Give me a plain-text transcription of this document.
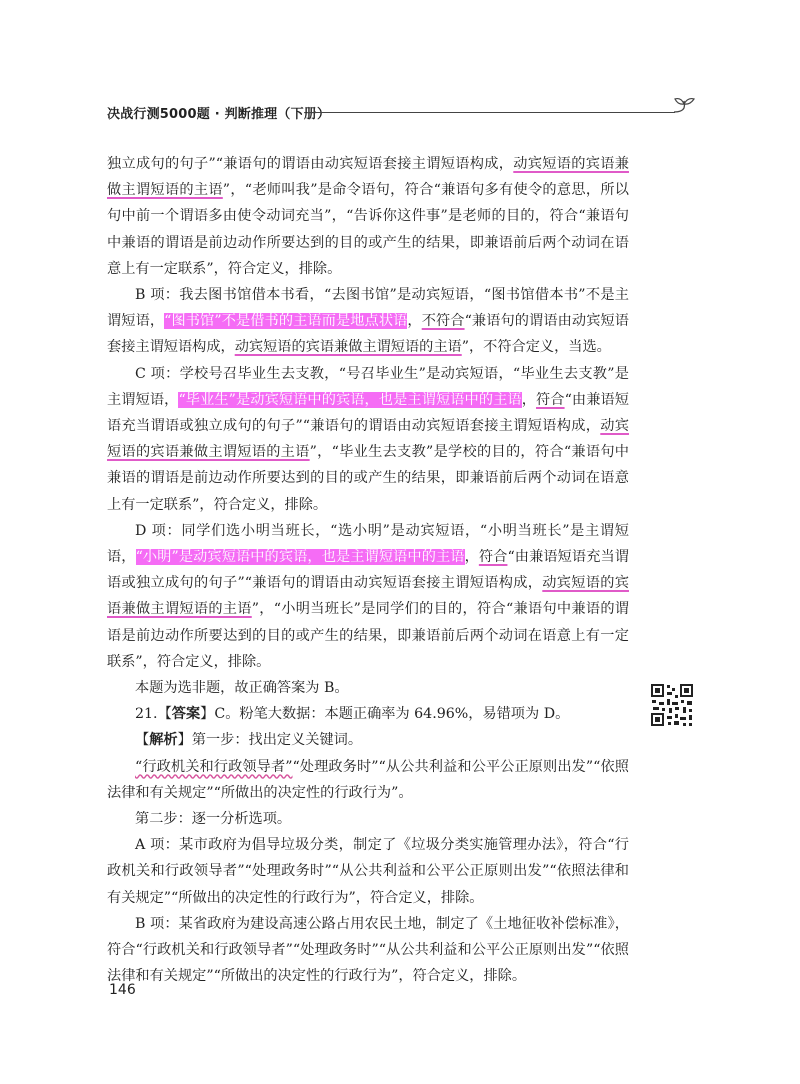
决战行测5000题 · 判断推理（下册）

独立成句的句子”“兼语句的谓语由动宾短语套接主谓短语构成，动宾短语的宾语兼做主谓短语的主语”，“老师叫我”是命令语句，符合“兼语句多有使令的意思，所以句中前一个谓语多由使令动词充当”，“告诉你这件事”是老师的目的，符合“兼语句中兼语的谓语是前边动作所要达到的目的或产生的结果，即兼语前后两个动词在语意上有一定联系”，符合定义，排除。

B 项：我去图书馆借本书看，“去图书馆”是动宾短语，“图书馆借本书”不是主谓短语，“图书馆”不是借书的主语而是地点状语，不符合“兼语句的谓语由动宾短语套接主谓短语构成，动宾短语的宾语兼做主谓短语的主语”，不符合定义，当选。

C 项：学校号召毕业生去支教，“号召毕业生”是动宾短语，“毕业生去支教”是主谓短语，“毕业生”是动宾短语中的宾语，也是主谓短语中的主语，符合“由兼语短语充当谓语或独立成句的句子”“兼语句的谓语由动宾短语套接主谓短语构成，动宾短语的宾语兼做主谓短语的主语”，“毕业生去支教”是学校的目的，符合“兼语句中兼语的谓语是前边动作所要达到的目的或产生的结果，即兼语前后两个动词在语意上有一定联系”，符合定义，排除。

D 项：同学们选小明当班长，“选小明”是动宾短语，“小明当班长”是主谓短语，“小明”是动宾短语中的宾语，也是主谓短语中的主语，符合“由兼语短语充当谓语或独立成句的句子”“兼语句的谓语由动宾短语套接主谓短语构成，动宾短语的宾语兼做主谓短语的主语”，“小明当班长”是同学们的目的，符合“兼语句中兼语的谓语是前边动作所要达到的目的或产生的结果，即兼语前后两个动词在语意上有一定联系”，符合定义，排除。

本题为选非题，故正确答案为 B。

21.【答案】C。粉笔大数据：本题正确率为 64.96%，易错项为 D。

【解析】第一步：找出定义关键词。

“行政机关和行政领导者”“处理政务时”“从公共利益和公平公正原则出发”“依照法律和有关规定”“所做出的决定性的行政行为”。

第二步：逐一分析选项。

A 项：某市政府为倡导垃圾分类，制定了《垃圾分类实施管理办法》，符合“行政机关和行政领导者”“处理政务时”“从公共利益和公平公正原则出发”“依照法律和有关规定”“所做出的决定性的行政行为”，符合定义，排除。

B 项：某省政府为建设高速公路占用农民土地，制定了《土地征收补偿标准》，符合“行政机关和行政领导者”“处理政务时”“从公共利益和公平公正原则出发”“依照法律和有关规定”“所做出的决定性的行政行为”，符合定义，排除。

146
